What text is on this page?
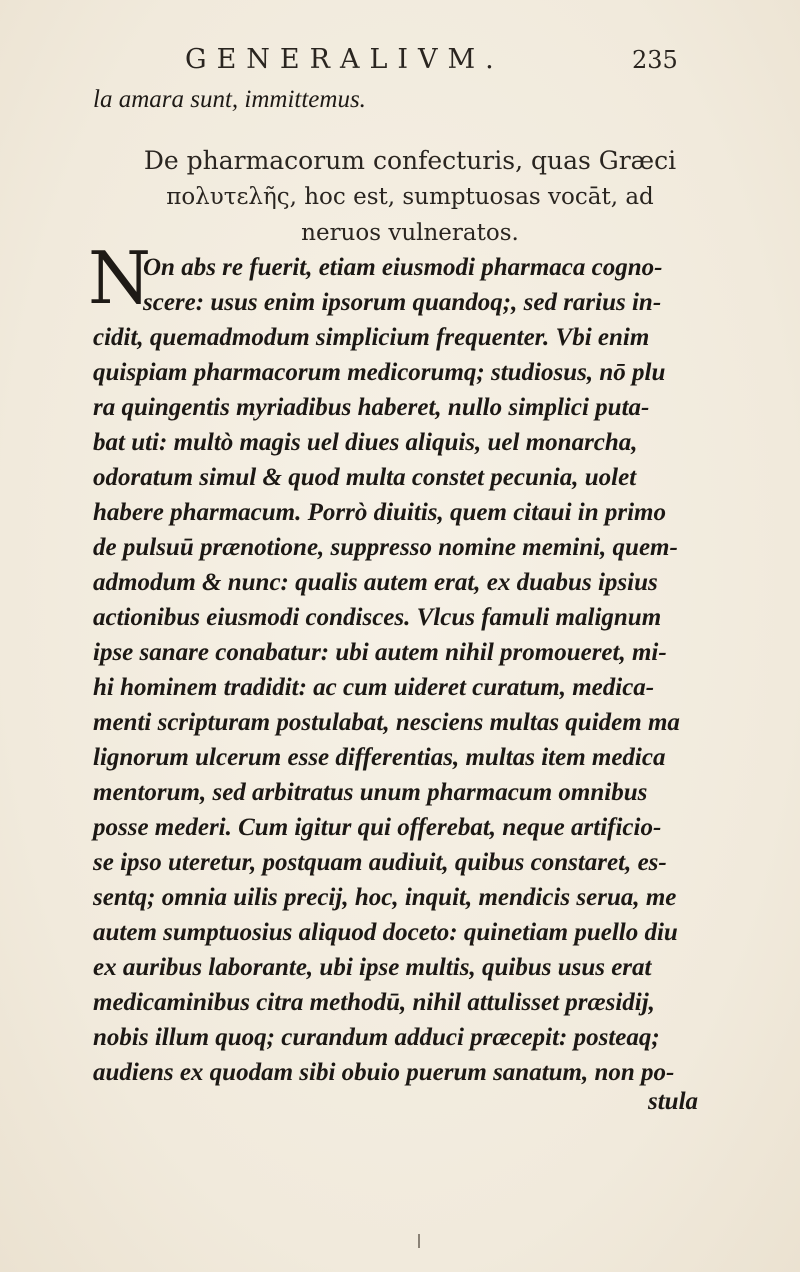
GENERALIVM.	235
la amara sunt, immittemus.
De pharmacorum confecturis, quas Græci
πολυτελῆς, hoc est, sumptuosas vocāt, ad
neruos vulneratos.
N
On abs re fuerit, etiam eiusmodi pharmaca cogno-
scere: usus enim ipsorum quandoq;, sed rarius in-
cidit, quemadmodum simplicium frequenter. Vbi enim
quispiam pharmacorum medicorumq; studiosus, nō plu
ra quingentis myriadibus haberet, nullo simplici puta-
bat uti: multò magis uel diues aliquis, uel monarcha,
odoratum simul & quod multa constet pecunia, uolet
habere pharmacum. Porrò diuitis, quem citaui in primo
de pulsuū prænotione, suppresso nomine memini, quem-
admodum & nunc: qualis autem erat, ex duabus ipsius
actionibus eiusmodi condisces. Vlcus famuli malignum
ipse sanare conabatur: ubi autem nihil promoueret, mi-
hi hominem tradidit: ac cum uideret curatum, medica-
menti scripturam postulabat, nesciens multas quidem ma
lignorum ulcerum esse differentias, multas item medica
mentorum, sed arbitratus unum pharmacum omnibus
posse mederi. Cum igitur qui offerebat, neque artificio-
se ipso uteretur, postquam audiuit, quibus constaret, es-
sentq; omnia uilis precij, hoc, inquit, mendicis serua, me
autem sumptuosius aliquod doceto: quinetiam puello diu
ex auribus laborante, ubi ipse multis, quibus usus erat
medicaminibus citra methodū, nihil attulisset præsidij,
nobis illum quoq; curandum adduci præcepit: posteaq;
audiens ex quodam sibi obuio puerum sanatum, non po-
stula
